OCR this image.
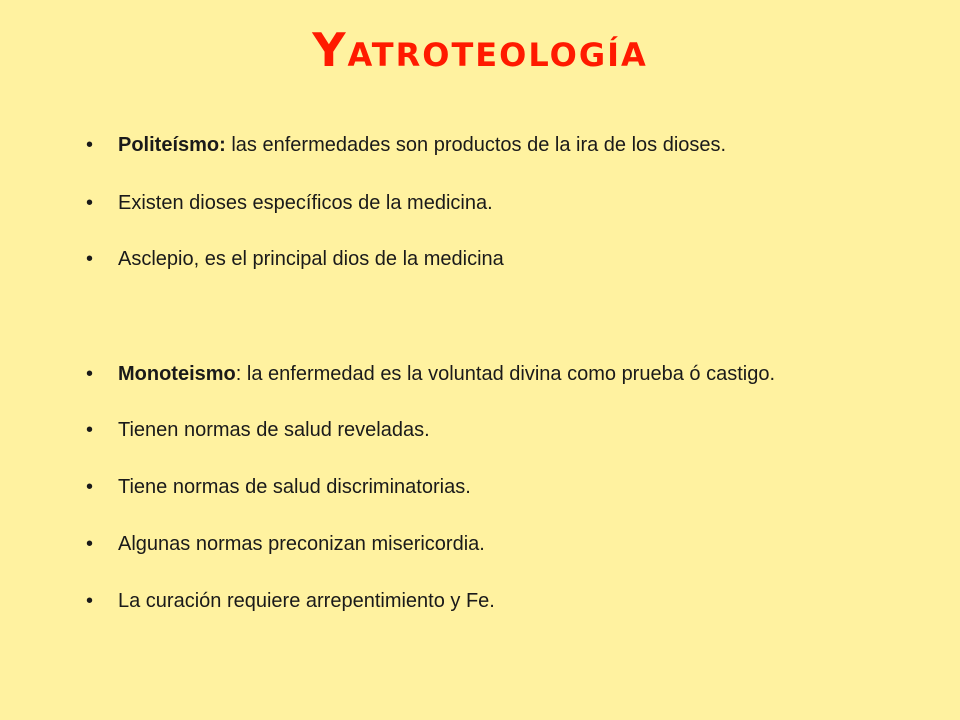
Yatroteología
•	Politeísmo: las enfermedades son productos de la ira de los dioses.
•	Existen dioses específicos de la medicina.
•	Asclepio, es el principal dios de la medicina
•	Monoteismo: la enfermedad es la voluntad divina como prueba ó castigo.
•	Tienen normas de salud reveladas.
•	Tiene normas de salud discriminatorias.
•	Algunas normas preconizan misericordia.
•	La curación requiere arrepentimiento y Fe.
